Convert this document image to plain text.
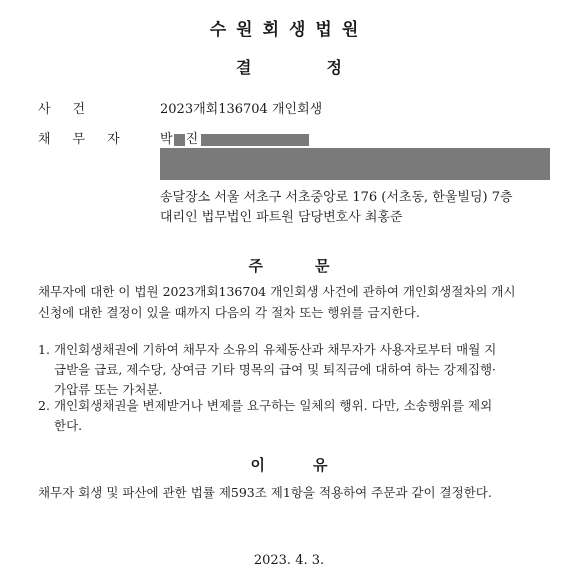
수원회생법원
결	정
사건	2023개회136704 개인회생
채무자 박 진
송달장소 서울 서초구 서초중앙로 176 (서초동, 한울빌딩) 7층
대리인 법무법인 파트원 담당변호사 최홍준
주	문
채무자에 대한 이 법원 2023개회136704 개인회생 사건에 관하여 개인회생절차의 개시
신청에 대한 결정이 있을 때까지 다음의 각 절차 또는 행위를 금지한다.
1. 개인회생채권에 기하여 채무자 소유의 유체동산과 채무자가 사용자로부터 매월 지
급받을 급료, 제수당, 상여금 기타 명목의 급여 및 퇴직금에 대하여 하는 강제집행·
가압류 또는 가처분.
2. 개인회생채권을 변제받거나 변제를 요구하는 일체의 행위. 다만, 소송행위를 제외
한다.
이	유
채무자 회생 및 파산에 관한 법률 제593조 제1항을 적용하여 주문과 같이 결정한다.
2023. 4. 3.
